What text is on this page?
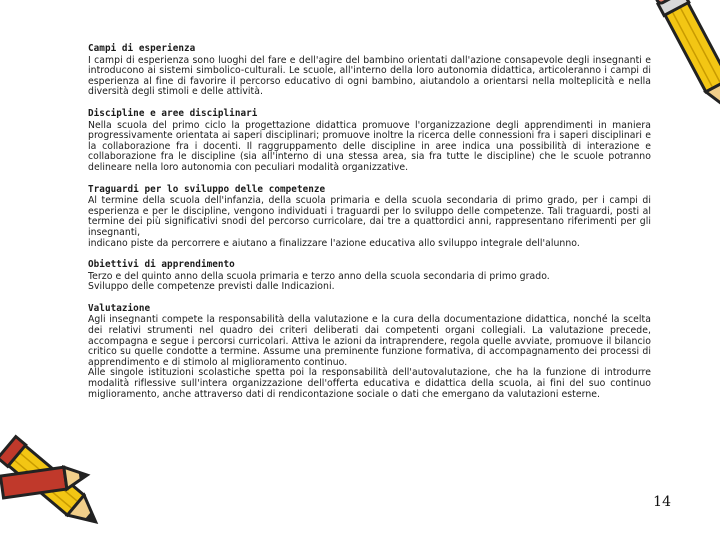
Campi di esperienza

I campi di esperienza sono luoghi del fare e dell'agire del bambino orientati dall'azione consapevole degli insegnanti e introducono ai sistemi simbolico-culturali. Le scuole, all'interno della loro autonomia didattica, articoleranno i campi di esperienza al fine di favorire il percorso educativo di ogni bambino, aiutandolo a orientarsi nella molteplicità e nella diversità degli stimoli e delle attività.

Discipline e aree disciplinari

Nella scuola del primo ciclo la progettazione didattica promuove l'organizzazione degli apprendimenti in maniera progressivamente orientata ai saperi disciplinari; promuove inoltre la ricerca delle connessioni fra i saperi disciplinari e la collaborazione fra i docenti. Il raggruppamento delle discipline in aree indica una possibilità di interazione e collaborazione fra le discipline (sia all'interno di una stessa area, sia fra tutte le discipline) che le scuole potranno delineare nella loro autonomia con peculiari modalità organizzative.

Traguardi per lo sviluppo delle competenze

Al termine della scuola dell'infanzia, della scuola primaria e della scuola secondaria di primo grado, per i campi di esperienza e per le discipline, vengono individuati i traguardi per lo sviluppo delle competenze. Tali traguardi, posti al termine dei più significativi snodi del percorso curricolare, dai tre a quattordici anni, rappresentano riferimenti per gli insegnanti,

indicano piste da percorrere e aiutano a finalizzare l'azione educativa allo sviluppo integrale dell'alunno.

Obiettivi di apprendimento

Terzo e del quinto anno della scuola primaria e terzo anno della scuola secondaria di primo grado.

Sviluppo delle competenze previsti dalle Indicazioni.

Valutazione

Agli insegnanti compete la responsabilità della valutazione e la cura della documentazione didattica, nonché la scelta dei relativi strumenti nel quadro dei criteri deliberati dai competenti organi collegiali. La valutazione precede, accompagna e segue i percorsi curricolari. Attiva le azioni da intraprendere, regola quelle avviate, promuove il bilancio critico su quelle condotte a termine. Assume una preminente funzione formativa, di accompagnamento dei processi di apprendimento e di stimolo al miglioramento continuo.

Alle singole istituzioni scolastiche spetta poi la responsabilità dell'autovalutazione, che ha la funzione di introdurre modalità riflessive sull'intera organizzazione dell'offerta educativa e didattica della scuola, ai fini del suo continuo miglioramento, anche attraverso dati di rendicontazione sociale o dati che emergano da valutazioni esterne.

14
